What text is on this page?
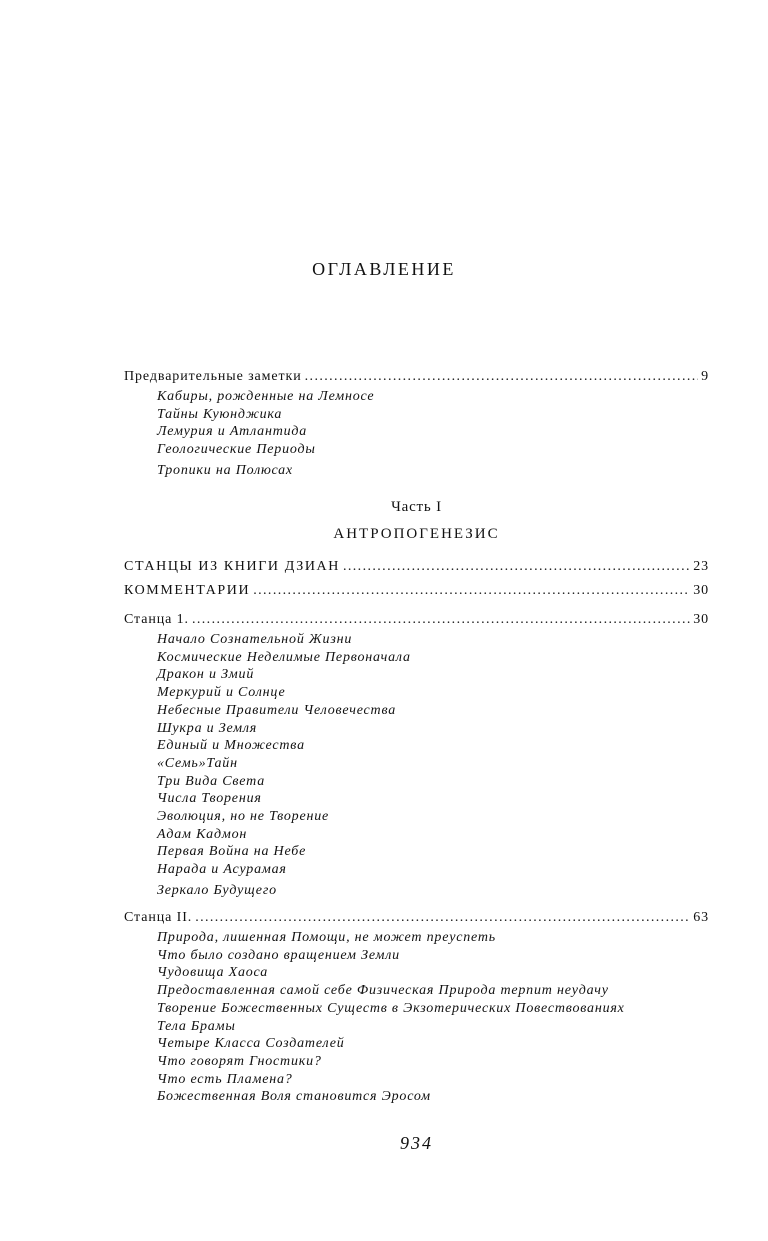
ОГЛАВЛЕНИЕ
Предварительные заметки .....	9
Кабиры, рожденные на Лемносе
Тайны Куюнджика
Лемурия и Атлантида
Геологические Периоды
Тропики на Полюсах
Часть I
АНТРОПОГЕНЕЗИС
СТАНЦЫ ИЗ КНИГИ ДЗИАН .....	23
КОММЕНТАРИИ .....	30
Станца 1. .....	30
Начало Сознательной Жизни
Космические Неделимые Первоначала
Дракон и Змий
Меркурий и Солнце
Небесные Правители Человечества
Шукра и Земля
Единый и Множества
«Семь»Тайн
Три Вида Света
Числа Творения
Эволюция, но не Творение
Адам Кадмон
Первая Война на Небе
Нарада и Асурамая
Зеркало Будущего
Станца II. .....	63
Природа, лишенная Помощи, не может преуспеть
Что было создано вращением Земли
Чудовища Хаоса
Предоставленная самой себе Физическая Природа терпит неудачу
Творение Божественных Существ в Экзотерических Повествованиях
Тела Брамы
Четыре Класса Создателей
Что говорят Гностики?
Что есть Пламена?
Божественная Воля становится Эросом
934
